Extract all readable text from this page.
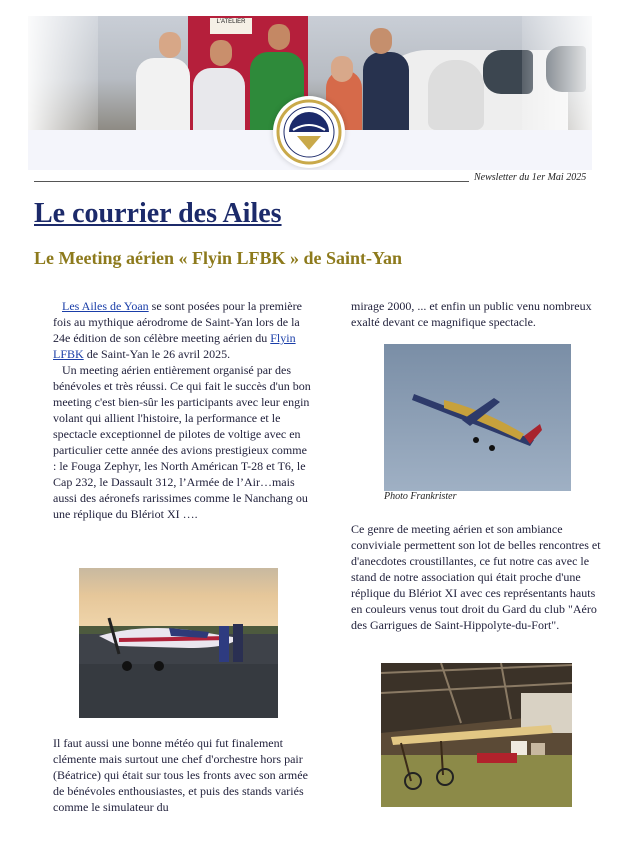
L'ATELIER
Newsletter du 1er Mai 2025
Le courrier des Ailes
Le Meeting aérien « Flyin LFBK » de Saint-Yan

Les Ailes de Yoan se sont posées pour la première fois au mythique aérodrome de Saint-Yan lors de la 24e édition de son célèbre meeting aérien du Flyin LFBK de Saint-Yan le 26 avril 2025.

Un meeting aérien entièrement organisé par des bénévoles et très réussi. Ce qui fait le succès d'un bon meeting c'est bien-sûr les participants avec leur engin volant qui allient l'histoire, la performance et le spectacle exceptionnel de pilotes de voltige avec en particulier cette année des avions prestigieux comme : le Fouga Zephyr, les North Américan T-28 et T6, le Cap 232, le Dassault 312, l’Armée de l’Air…mais aussi des aéronefs rarissimes comme le Nanchang ou une réplique du Blériot XI ….

Il faut aussi une bonne météo qui fut finalement clémente mais surtout une chef d'orchestre hors pair (Béatrice) qui était sur tous les fronts avec son armée de bénévoles enthousiastes, et puis des stands variés comme le simulateur du

mirage 2000, ... et enfin un public venu nombreux exalté devant ce magnifique spectacle.

Photo Frankrister

Ce genre de meeting aérien et son ambiance conviviale permettent son lot de belles rencontres et d'anecdotes croustillantes, ce fut notre cas avec le stand de notre association qui était proche d'une réplique du Blériot XI avec ces représentants hauts en couleurs venus tout droit du Gard du club "Aéro des Garrigues de Saint-Hippolyte-du-Fort".
